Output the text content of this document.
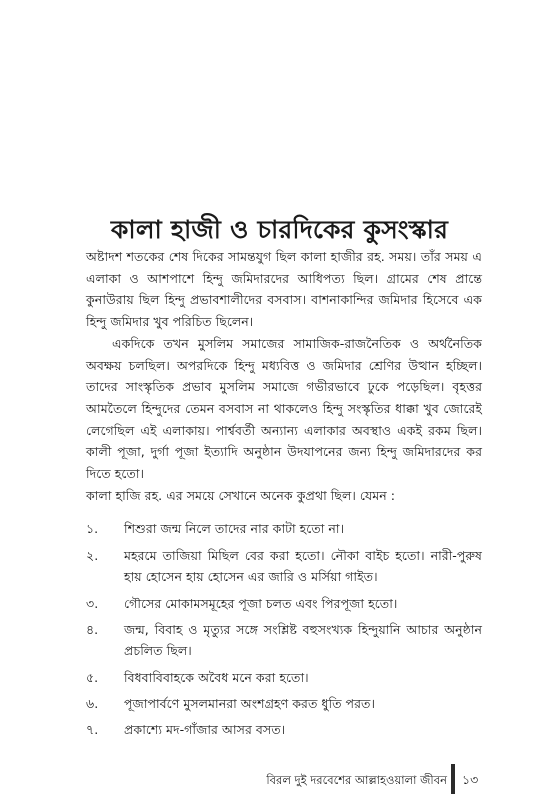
কালা হাজী ও চারদিকের কুসংস্কার

অষ্টাদশ শতকের শেষ দিকের সামন্তযুগ ছিল কালা হাজীর রহ. সময়। তাঁর সময় এ এলাকা ও আশপাশে হিন্দু জমিদারদের আধিপত্য ছিল। গ্রামের শেষ প্রান্তে কুনাউরায় ছিল হিন্দু প্রভাবশালীদের বসবাস। বাশনাকান্দির জমিদার হিসেবে এক হিন্দু জমিদার খুব পরিচিত ছিলেন।

একদিকে তখন মুসলিম সমাজের সামাজিক-রাজনৈতিক ও অর্থনৈতিক অবক্ষয় চলছিল। অপরদিকে হিন্দু মধ্যবিত্ত ও জমিদার শ্রেণির উত্থান হচ্ছিল। তাদের সাংস্কৃতিক প্রভাব মুসলিম সমাজে গভীরভাবে ঢুকে পড়েছিল। বৃহত্তর আমতৈলে হিন্দুদের তেমন বসবাস না থাকলেও হিন্দু সংস্কৃতির ধাক্কা খুব জোরেই লেগেছিল এই এলাকায়। পার্শ্ববর্তী অন্যান্য এলাকার অবস্থাও একই রকম ছিল। কালী পূজা, দুর্গা পূজা ইত্যাদি অনুষ্ঠান উদযাপনের জন্য হিন্দু জমিদারদের কর দিতে হতো।

কালা হাজি রহ. এর সময়ে সেখানে অনেক কুপ্রথা ছিল। যেমন :

১.	শিশুরা জন্ম নিলে তাদের নার কাটা হতো না।
২.	মহরমে তাজিয়া মিছিল বের করা হতো। নৌকা বাইচ হতো। নারী-পুরুষ হায় হোসেন হায় হোসেন এর জারি ও মর্সিয়া গাইত।
৩.	গৌসের মোকামসমূহের পূজা চলত এবং পিরপূজা হতো।
৪.	জন্ম, বিবাহ ও মৃত্যুর সঙ্গে সংশ্লিষ্ট বহুসংখ্যক হিন্দুয়ানি আচার অনুষ্ঠান প্রচলিত ছিল।
৫.	বিধবাবিবাহকে অবৈধ মনে করা হতো।
৬.	পূজাপার্বণে মুসলমানরা অংশগ্রহণ করত ধুতি পরত।
৭.	প্রকাশ্যে মদ-গাঁজার আসর বসত।
বিরল দুই দরবেশের আল্লাহওয়ালা জীবন ১৩
